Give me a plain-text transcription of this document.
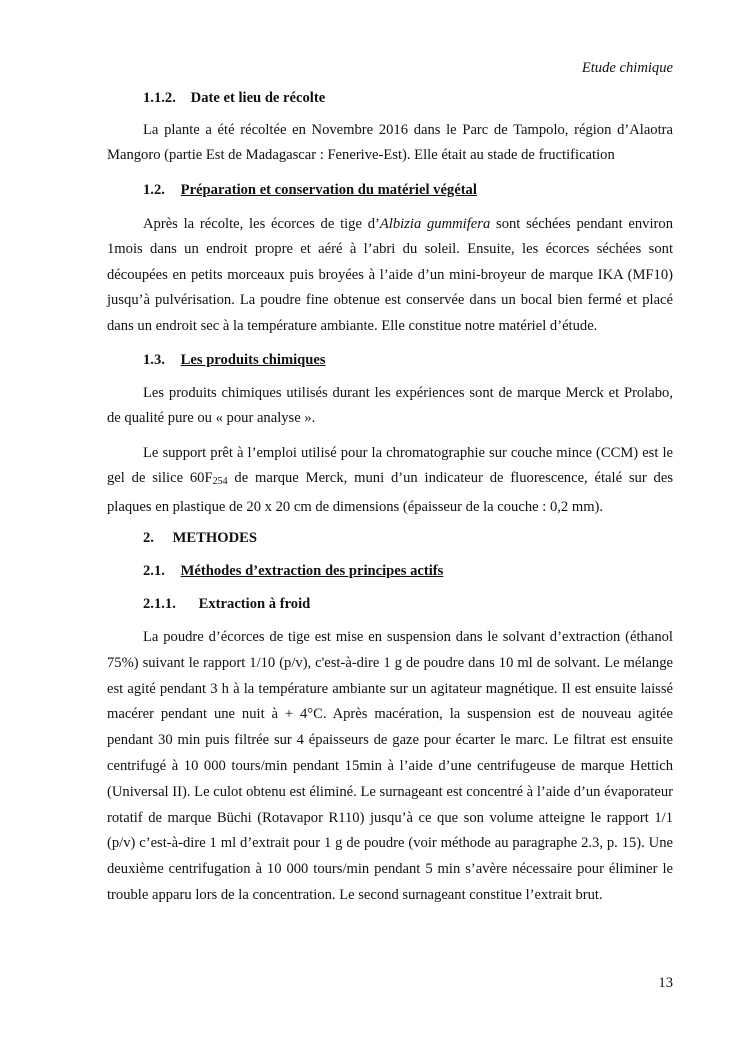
Etude chimique
1.1.2. Date et lieu de récolte

La plante a été récoltée en Novembre 2016 dans le Parc de Tampolo, région d’Alaotra Mangoro (partie Est de Madagascar : Fenerive-Est). Elle était au stade de fructification

1.2. Préparation et conservation du matériel végétal

Après la récolte, les écorces de tige d’Albizia gummifera sont séchées pendant environ 1mois dans un endroit propre et aéré à l’abri du soleil. Ensuite, les écorces séchées sont découpées en petits morceaux puis broyées à l’aide d’un mini-broyeur de marque IKA (MF10) jusqu’à pulvérisation. La poudre fine obtenue est conservée dans un bocal bien fermé et placé dans un endroit sec à la température ambiante. Elle constitue notre matériel d’étude.

1.3. Les produits chimiques

Les produits chimiques utilisés durant les expériences sont de marque Merck et Prolabo, de qualité pure ou « pour analyse ».

Le support prêt à l’emploi utilisé pour la chromatographie sur couche mince (CCM) est le gel de silice $60F_{254}$ de marque Merck, muni d’un indicateur de fluorescence, étalé sur des plaques en plastique de 20 x 20 cm de dimensions (épaisseur de la couche : 0,2 mm).

2. METHODES
2.1. Méthodes d’extraction des principes actifs
2.1.1. Extraction à froid

La poudre d’écorces de tige est mise en suspension dans le solvant d’extraction (éthanol 75%) suivant le rapport 1/10 (p/v), c'est-à-dire 1 g de poudre dans 10 ml de solvant. Le mélange est agité pendant 3 h à la température ambiante sur un agitateur magnétique. Il est ensuite laissé macérer pendant une nuit à + 4°C. Après macération, la suspension est de nouveau agitée pendant 30 min puis filtrée sur 4 épaisseurs de gaze pour écarter le marc. Le filtrat est ensuite centrifugé à 10 000 tours/min pendant 15min à l’aide d’une centrifugeuse de marque Hettich (Universal II). Le culot obtenu est éliminé. Le surnageant est concentré à l’aide d’un évaporateur rotatif de marque Büchi (Rotavapor R110) jusqu’à ce que son volume atteigne le rapport 1/1 (p/v) c’est-à-dire 1 ml d’extrait pour 1 g de poudre (voir méthode au paragraphe 2.3, p. 15). Une deuxième centrifugation à 10 000 tours/min pendant 5 min s’avère nécessaire pour éliminer le trouble apparu lors de la concentration. Le second surnageant constitue l’extrait brut.

13
